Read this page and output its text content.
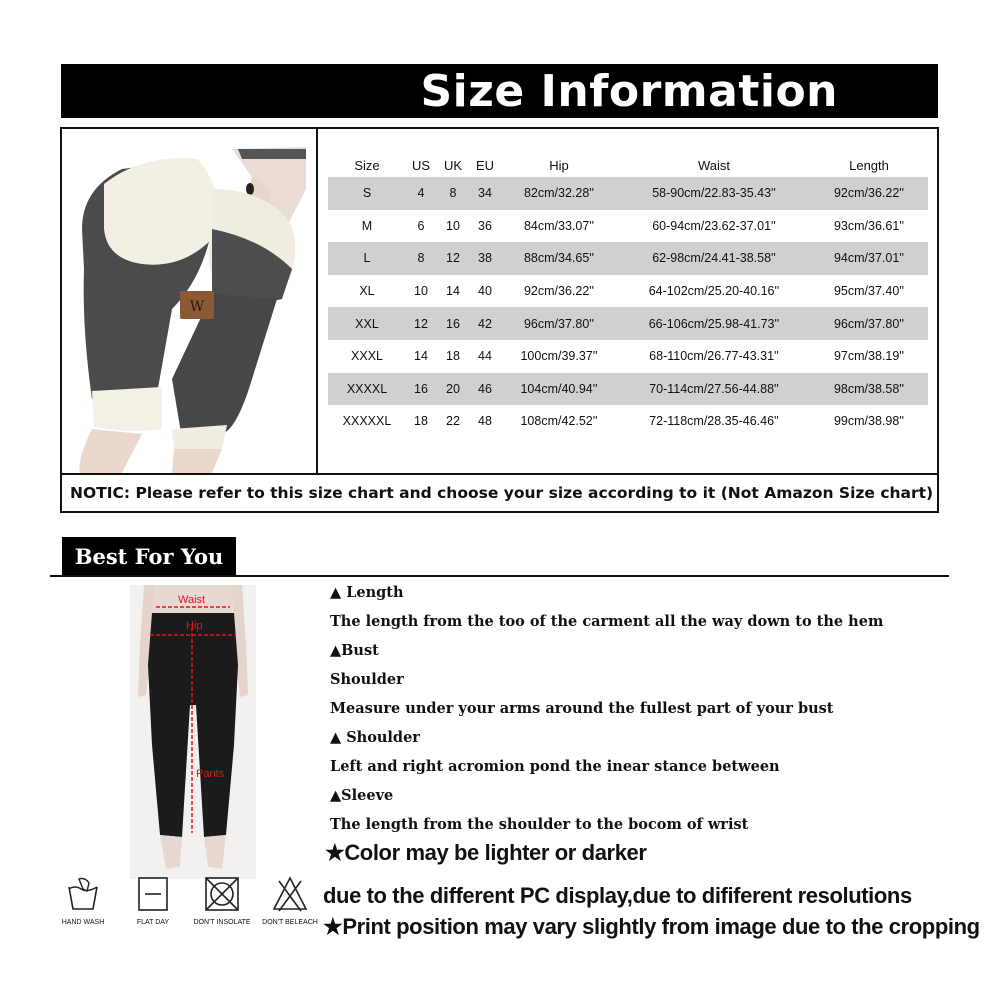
Size Information
W
Size	US	UK	EU	Hip	Waist	Length
S	4	8	34	82cm/32.28''	58-90cm/22.83-35.43''	92cm/36.22''
M	6	10	36	84cm/33.07''	60-94cm/23.62-37.01''	93cm/36.61''
L	8	12	38	88cm/34.65''	62-98cm/24.41-38.58''	94cm/37.01''
XL	10	14	40	92cm/36.22''	64-102cm/25.20-40.16''	95cm/37.40''
XXL	12	16	42	96cm/37.80''	66-106cm/25.98-41.73''	96cm/37.80''
XXXL	14	18	44	100cm/39.37''	68-110cm/26.77-43.31''	97cm/38.19''
XXXXL	16	20	46	104cm/40.94''	70-114cm/27.56-44.88''	98cm/38.58''
XXXXXL	18	22	48	108cm/42.52''	72-118cm/28.35-46.46''	99cm/38.98''
NOTIC: Please refer to this size chart and choose your size according to it (Not Amazon Size chart)
Best For You
Waist
Hip
Pants

▲ Length

The length from the too of the carment all the way down to the hem

▲Bust

Shoulder

Measure under your arms around the fullest part of your bust

▲ Shoulder

Left and right acromion pond the inear stance between

▲Sleeve

The length from the shoulder to the bocom of wrist

★Color may be lighter or darker
due to the different PC display,due to dififerent resolutions
★Print position may vary slightly from image due to the cropping
HAND WASH	FLAT DAY	DON'T INSOLATE	DON'T BELEACH
